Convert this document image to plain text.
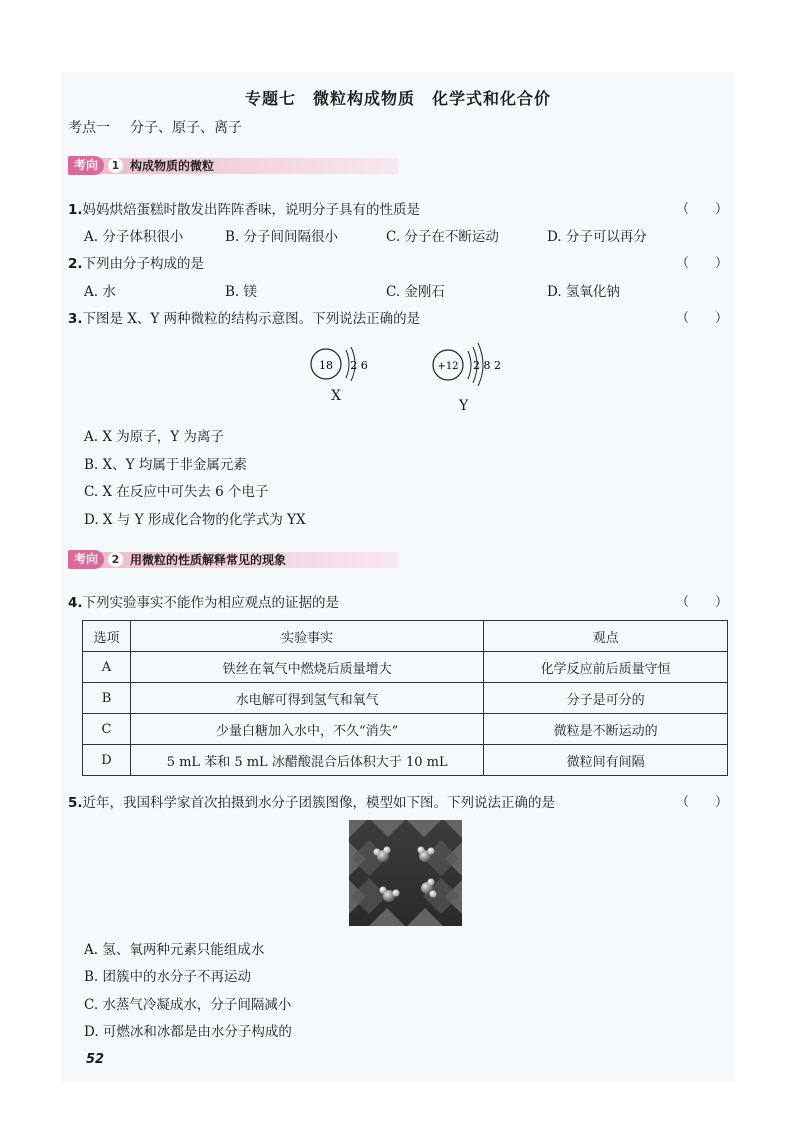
专题七　微粒构成物质　化学式和化合价
考点一 分子、原子、离子
考向	1 构成物质的微粒
1.妈妈烘焙蛋糕时散发出阵阵香味，说明分子具有的性质是	（　　）
A. 分子体积很小	B. 分子间间隔很小	C. 分子在不断运动	D. 分子可以再分
2.下列由分子构成的是	（　　）
A. 水	B. 镁	C. 金刚石	D. 氢氧化钠
3.下图是 X、Y 两种微粒的结构示意图。下列说法正确的是	（　　）
18 2 6
X
+12 2 8 2
Y
A. X 为原子，Y 为离子
B. X、Y 均属于非金属元素
C. X 在反应中可失去 6 个电子
D. X 与 Y 形成化合物的化学式为 YX
考向	2 用微粒的性质解释常见的现象
4.下列实验事实不能作为相应观点的证据的是	（　　）
选项	实验事实	观点
A	铁丝在氧气中燃烧后质量增大	化学反应前后质量守恒
B	水电解可得到氢气和氧气	分子是可分的
C	少量白糖加入水中，不久“消失”	微粒是不断运动的
D	5 mL 苯和 5 mL 冰醋酸混合后体积大于 10 mL	微粒间有间隔
5.近年，我国科学家首次拍摄到水分子团簇图像，模型如下图。下列说法正确的是	（　　）
A. 氢、氧两种元素只能组成水
B. 团簇中的水分子不再运动
C. 水蒸气冷凝成水，分子间隔减小
D. 可燃冰和冰都是由水分子构成的
52
